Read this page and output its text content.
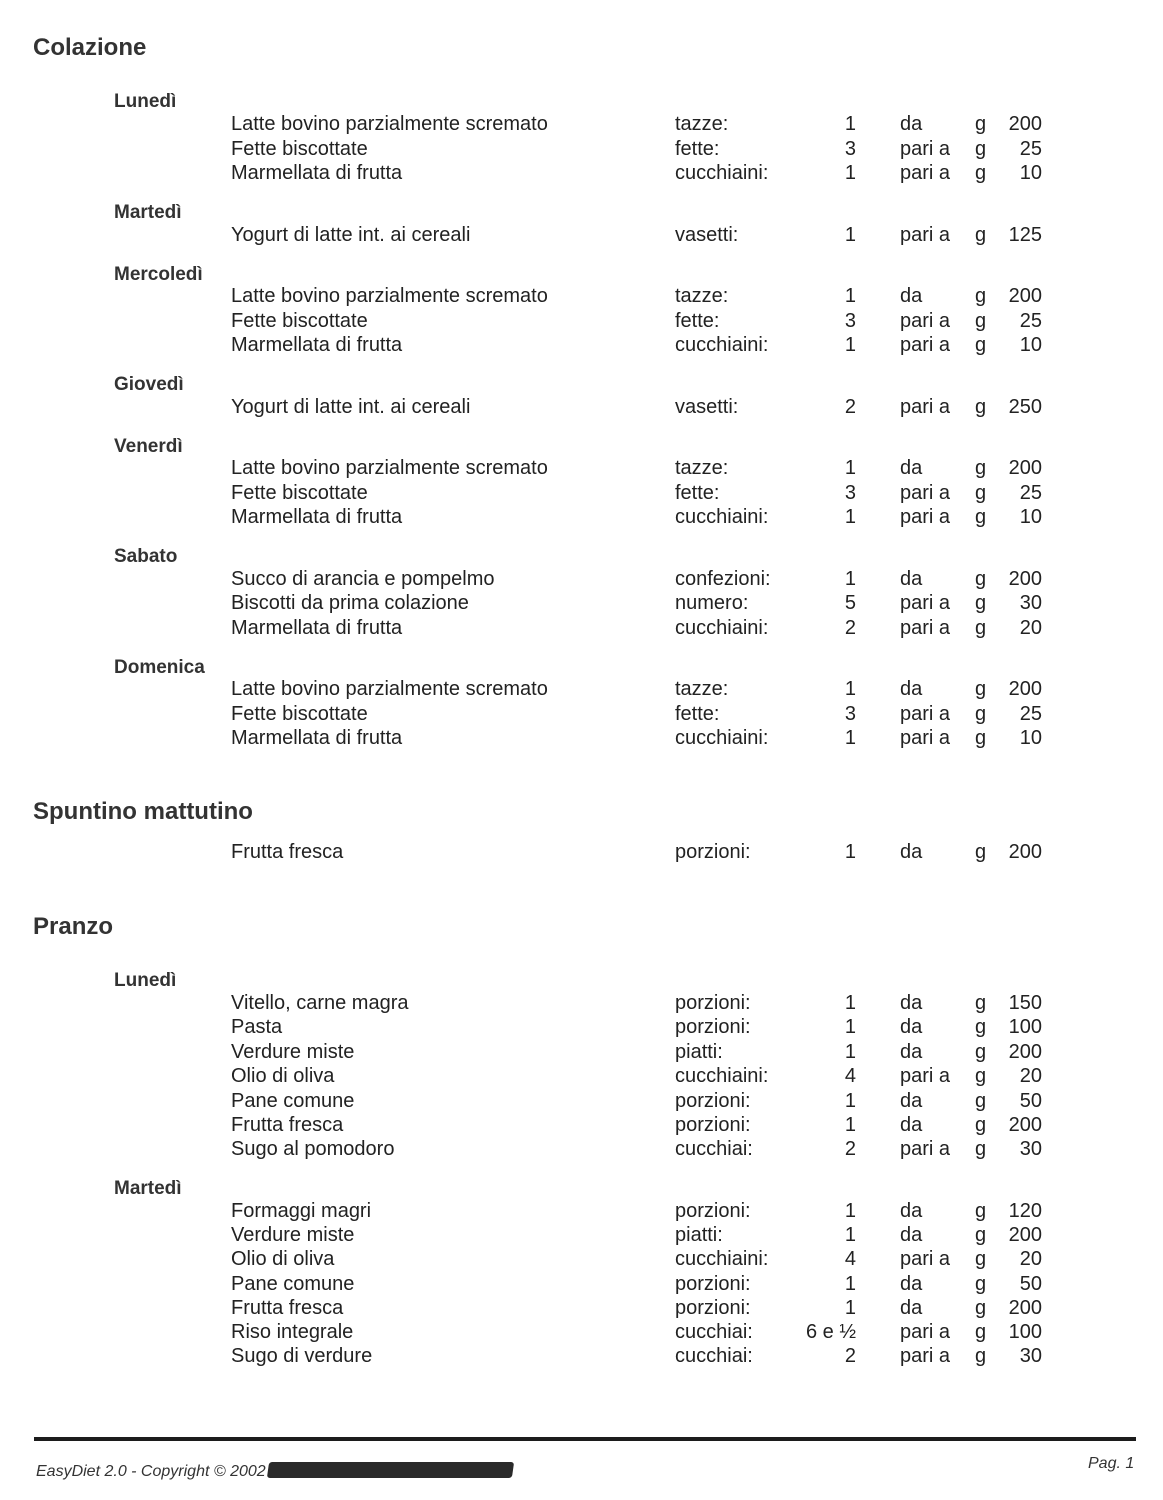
Colazione
Lunedì
Latte bovino parzialmente scremato	tazze:	1 da	g	200
Fette biscottate	fette:	3 pari a g	25
Marmellata di frutta	cucchiaini:	1 pari a g	10
Martedì
Yogurt di latte int. ai cereali	vasetti:	1 pari a g	125
Mercoledì
Latte bovino parzialmente scremato	tazze:	1 da	g	200
Fette biscottate	fette:	3 pari a g	25
Marmellata di frutta	cucchiaini:	1 pari a g	10
Giovedì
Yogurt di latte int. ai cereali	vasetti:	2 pari a g	250
Venerdì
Latte bovino parzialmente scremato	tazze:	1 da	g	200
Fette biscottate	fette:	3 pari a g	25
Marmellata di frutta	cucchiaini:	1 pari a g	10
Sabato
Succo di arancia e pompelmo	confezioni:	1 da	g	200
Biscotti da prima colazione	numero:	5 pari a g	30
Marmellata di frutta	cucchiaini:	2 pari a g	20
Domenica
Latte bovino parzialmente scremato	tazze:	1 da	g	200
Fette biscottate	fette:	3 pari a g	25
Marmellata di frutta	cucchiaini:	1 pari a g	10
Spuntino mattutino
Frutta fresca	porzioni:	1 da	g	200
Pranzo
Lunedì
Vitello, carne magra	porzioni:	1 da	g	150
Pasta	porzioni:	1 da	g	100
Verdure miste	piatti:	1 da	g	200
Olio di oliva	cucchiaini:	4 pari a g	20
Pane comune	porzioni:	1 da	g	50
Frutta fresca	porzioni:	1 da	g	200
Sugo al pomodoro	cucchiai:	2 pari a g	30
Martedì
Formaggi magri	porzioni:	1 da	g	120
Verdure miste	piatti:	1 da	g	200
Olio di oliva	cucchiaini:	4 pari a g	20
Pane comune	porzioni:	1 da	g	50
Frutta fresca	porzioni:	1 da	g	200
Riso integrale	cucchiai:	6 e ½ pari a g	100
Sugo di verdure	cucchiai:	2 pari a g	30
EasyDiet 2.0 - Copyright © 2002	Pag. 1
